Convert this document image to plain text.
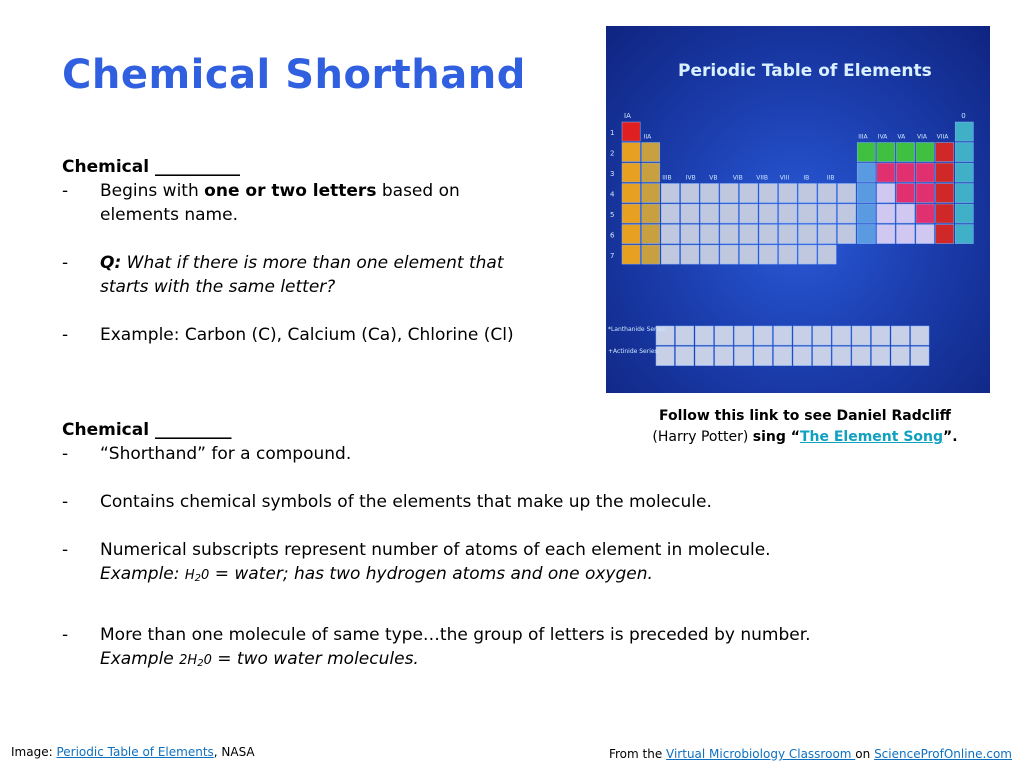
Chemical Shorthand
Chemical __________
- Begins with one or two letters based on
elements name.
- Q: What if there is more than one element that
starts with the same letter?
- Example: Carbon (C), Calcium (Ca), Chlorine (Cl)
Chemical _________
- “Shorthand” for a compound.
- Contains chemical symbols of the elements that make up the molecule.
- Numerical subscripts represent number of atoms of each element in molecule.
Example: $H_20$ = water; has two hydrogen atoms and one oxygen.
- More than one molecule of same type…the group of letters is preceded by number.
Example $2H_20$ = two water molecules.
Periodic Table of Elements
IA	0
IIA	IIIA IVA VA VIA VIIA
IIIB IVB VB	VIB VIIB VIII IB	IIB
1
2
3
4
5
6
7
*Lanthanide Series
+Actinide Series
Follow this link to see Daniel Radcliff
(Harry Potter) sing “The Element Song”.
Image: Periodic Table of Elements, NASA	From the Virtual Microbiology Classroom on ScienceProfOnline.com
